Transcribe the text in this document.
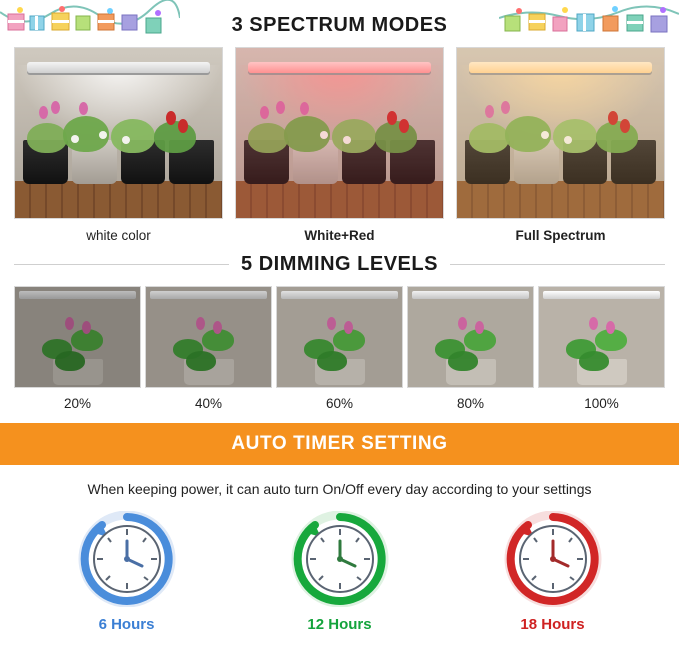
3 SPECTRUM MODES
white color	White+Red	Full Spectrum
5 DIMMING LEVELS
20%	40%	60%	80%	100%
AUTO TIMER SETTING
When keeping power, it can auto turn On/Off every day according to your settings
6 Hours	12 Hours	18 Hours
